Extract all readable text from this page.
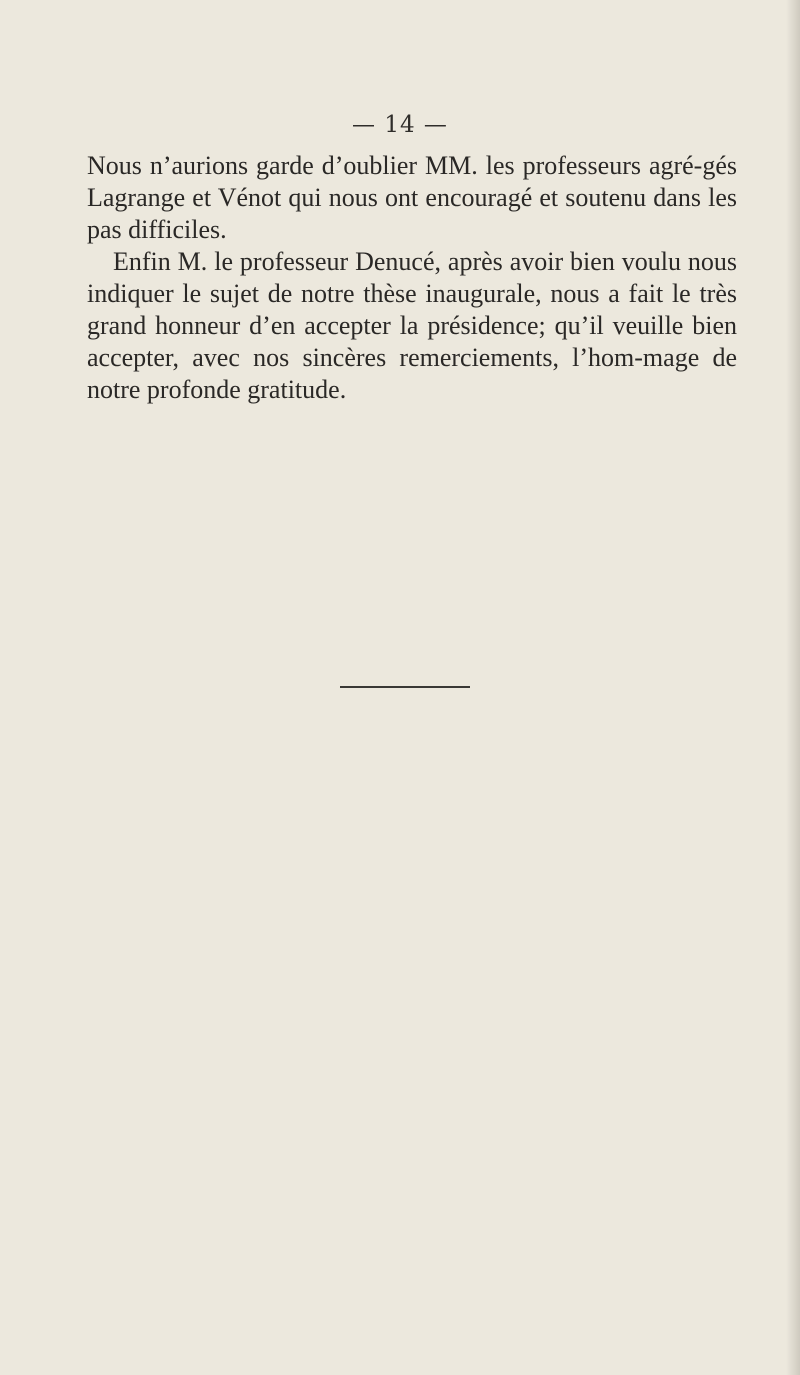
— 14 —

Nous n’aurions garde d’oublier MM. les professeurs agré-gés Lagrange et Vénot qui nous ont encouragé et soutenu dans les pas difficiles.

Enfin M. le professeur Denucé, après avoir bien voulu nous indiquer le sujet de notre thèse inaugurale, nous a fait le très grand honneur d’en accepter la présidence; qu’il veuille bien accepter, avec nos sincères remerciements, l’hom-mage de notre profonde gratitude.
